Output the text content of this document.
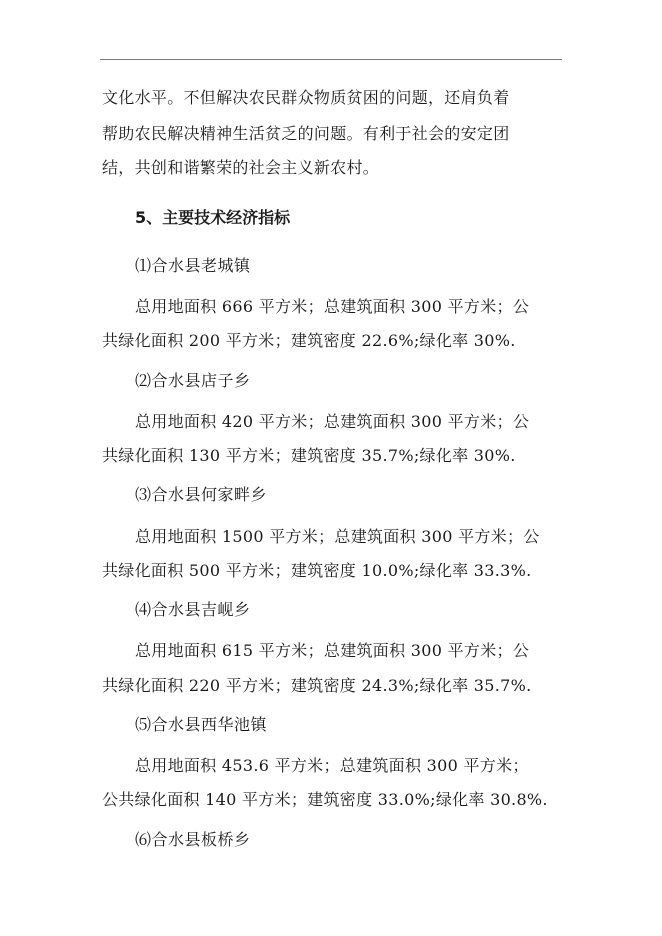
文化水平。不但解决农民群众物质贫困的问题，还肩负着
帮助农民解决精神生活贫乏的问题。有利于社会的安定团
结，共创和谐繁荣的社会主义新农村。
5、主要技术经济指标
⑴合水县老城镇
总用地面积 666 平方米；总建筑面积 300 平方米；公
共绿化面积 200 平方米；建筑密度 22.6%;绿化率 30%.
⑵合水县店子乡
总用地面积 420 平方米；总建筑面积 300 平方米；公
共绿化面积 130 平方米；建筑密度 35.7%;绿化率 30%.
⑶合水县何家畔乡
总用地面积 1500 平方米；总建筑面积 300 平方米；公
共绿化面积 500 平方米；建筑密度 10.0%;绿化率 33.3%.
⑷合水县吉岘乡
总用地面积 615 平方米；总建筑面积 300 平方米；公
共绿化面积 220 平方米；建筑密度 24.3%;绿化率 35.7%.
⑸合水县西华池镇
总用地面积 453.6 平方米；总建筑面积 300 平方米；
公共绿化面积 140 平方米；建筑密度 33.0%;绿化率 30.8%.
⑹合水县板桥乡
